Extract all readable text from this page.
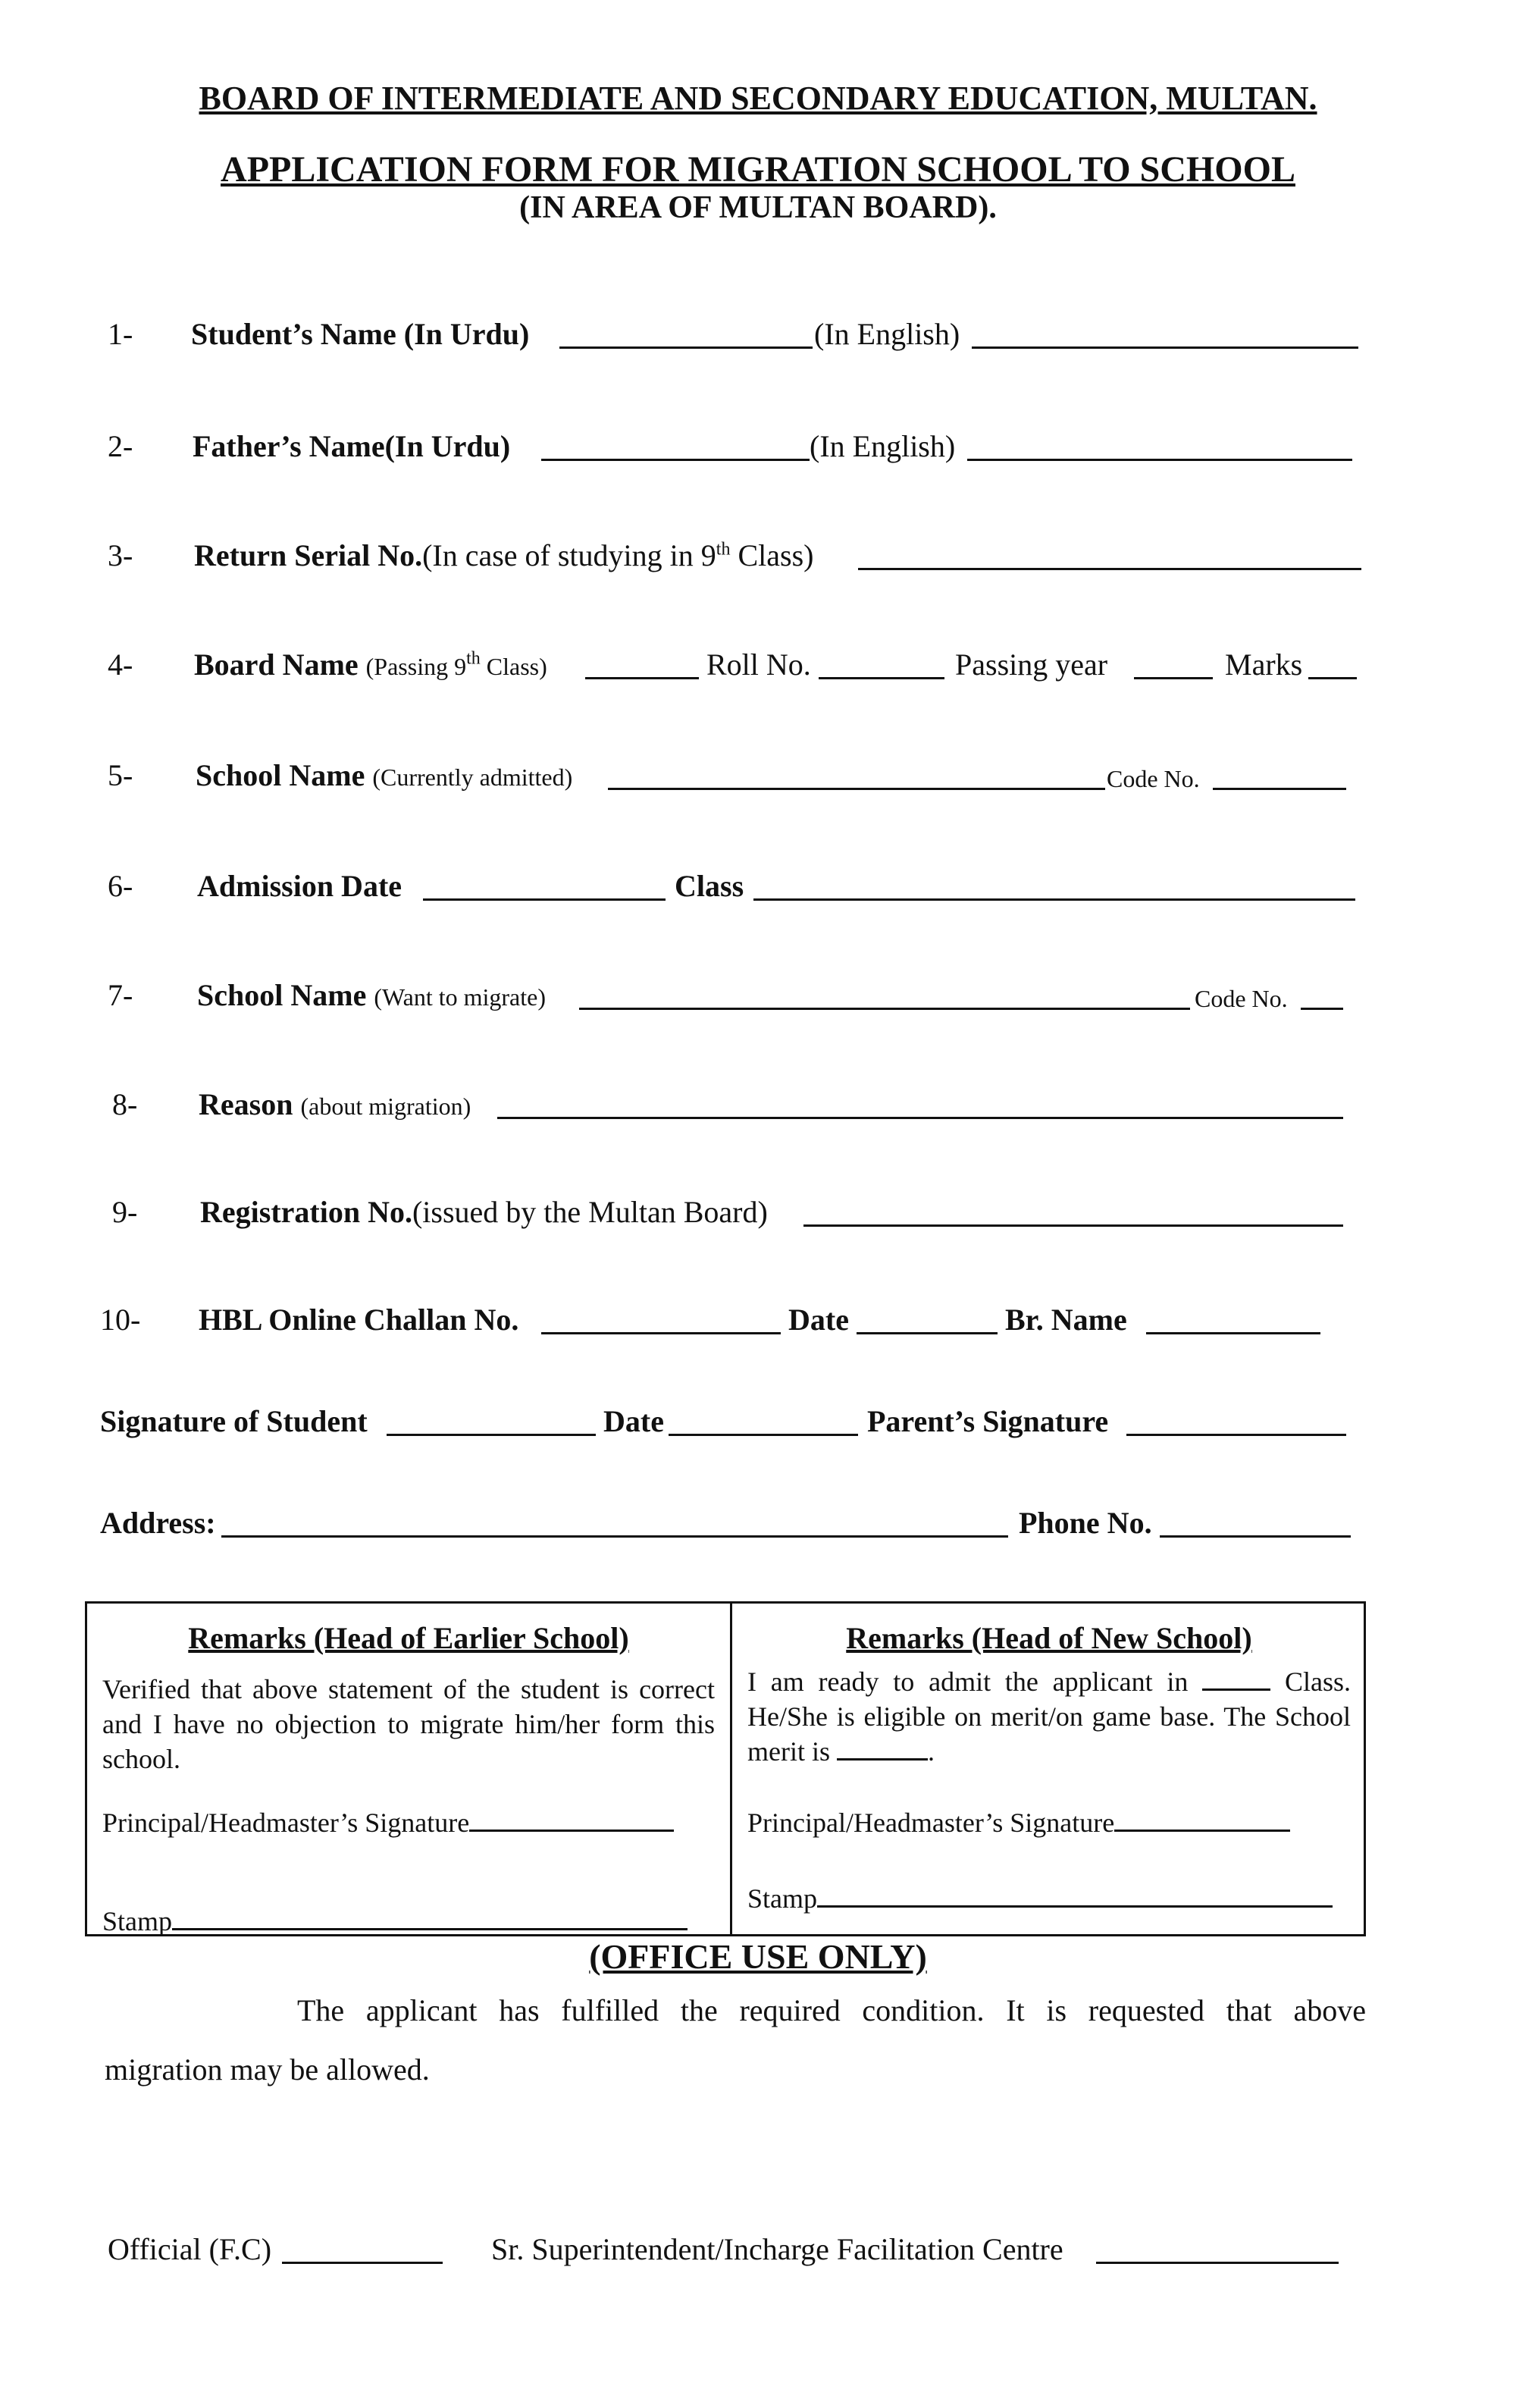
BOARD OF INTERMEDIATE AND SECONDARY EDUCATION, MULTAN.
APPLICATION FORM FOR MIGRATION SCHOOL TO SCHOOL
(IN AREA OF MULTAN BOARD).
1- Student’s Name (In Urdu)	(In English)
2- Father’s Name(In Urdu)	(In English)
3- Return Serial No.(In case of studying in 9th Class)
4- Board Name (Passing 9th Class)	Roll No.	Passing year	Marks
5- School Name (Currently admitted)	Code No.
6- Admission Date	Class
7- School Name (Want to migrate)	Code No.
8- Reason (about migration)
9- Registration No.(issued by the Multan Board)
10- HBL Online Challan No.	Date	Br. Name
Signature of Student	Date	Parent’s Signature
Address:	Phone No.
Remarks (Head of Earlier School)
Verified that above statement of the student is correct and I have no objection to migrate him/her form this school.
Principal/Headmaster’s Signature
Stamp
Remarks (Head of New School)
I am ready to admit the applicant in	Class. He/She is eligible on merit/on game base. The School merit is	.
Principal/Headmaster’s Signature
Stamp
(OFFICE USE ONLY)
The applicant has fulfilled the required condition. It is requested that above
migration may be allowed.
Official (F.C)	Sr. Superintendent/Incharge Facilitation Centre
